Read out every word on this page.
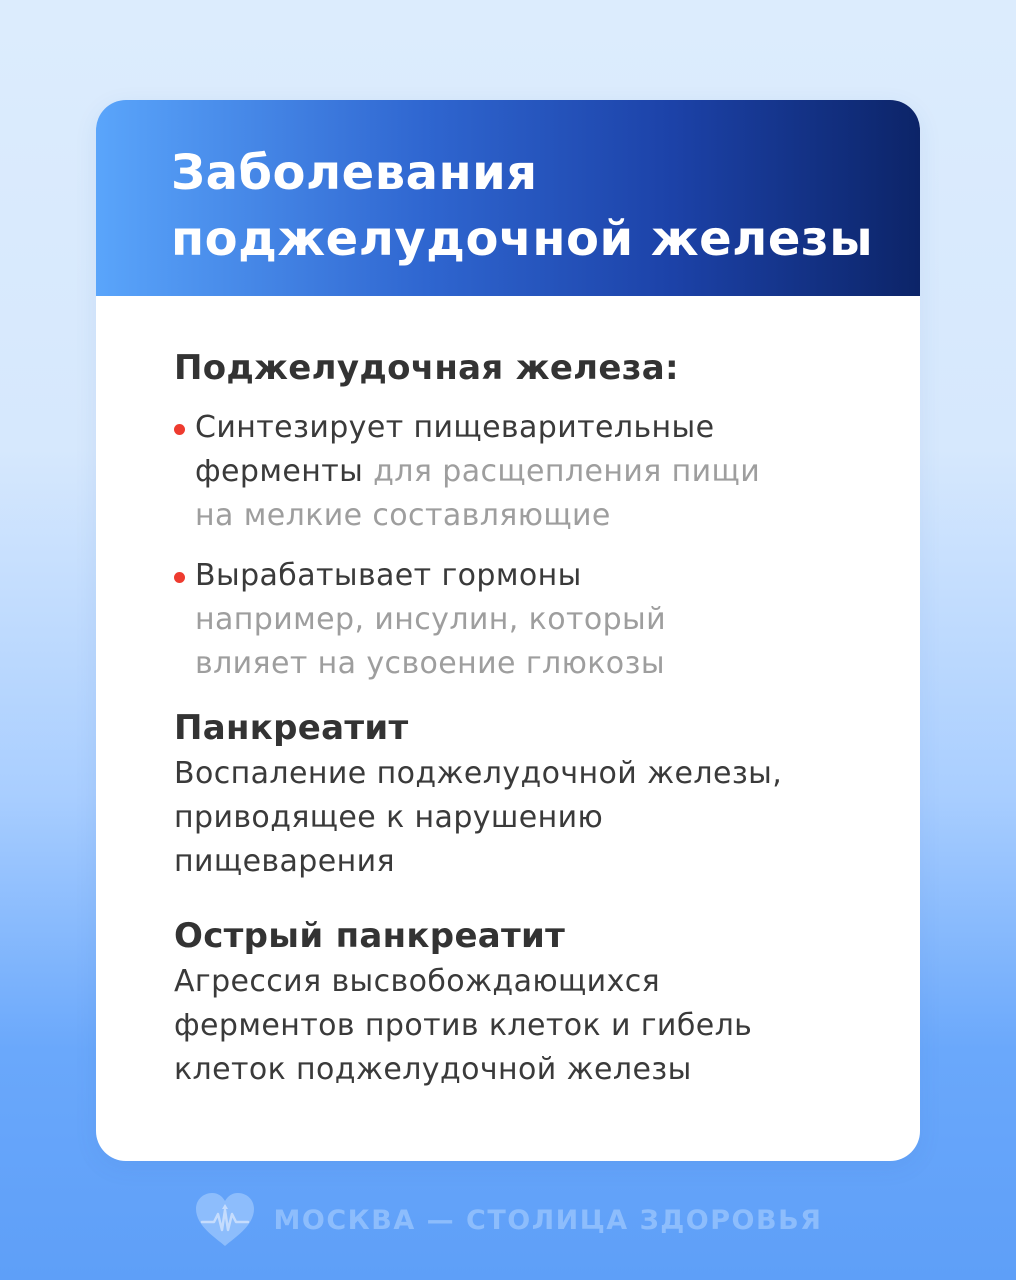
Заболевания
поджелудочной железы
Поджелудочная железа:
Синтезирует пищеварительные
ферменты для расщепления пищи
на мелкие составляющие
Вырабатывает гормоны
например, инсулин, который
влияет на усвоение глюкозы
Панкреатит

Воспаление поджелудочной железы,
приводящее к нарушению
пищеварения

Острый панкреатит

Агрессия высвобождающихся
ферментов против клеток и гибель
клеток поджелудочной железы

МОСКВА — СТОЛИЦА ЗДОРОВЬЯ
